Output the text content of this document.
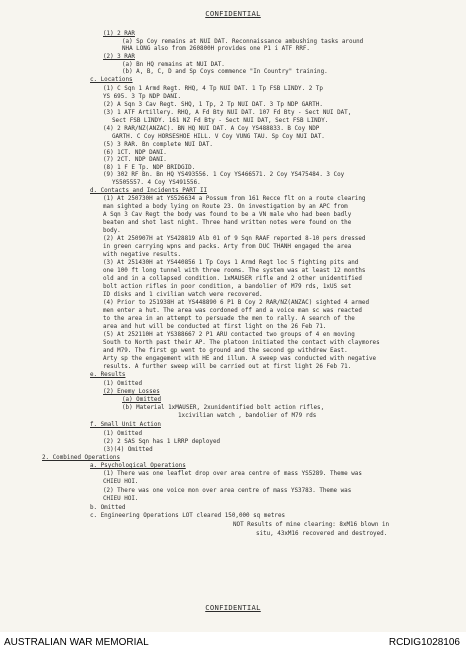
CONFIDENTIAL
(1) 2 RAR
(a) Sp Coy remains at NUI DAT. Reconnaissance ambushing tasks around
NHA LONG also from 260800H provides one P1 i ATF RRF.
(2) 3 RAR
(a) Bn HQ remains at NUI DAT.
(b) A, B, C, D and Sp Coys commence "In Country" training.
c. Locations
(1) C Sqn 1 Armd Regt. RHQ, 4 Tp NUI DAT. 1 Tp FSB LINDY. 2 Tp
YS 695. 3 Tp NDP DANI.
(2) A Sqn 3 Cav Regt. SHQ, 1 Tp, 2 Tp NUI DAT. 3 Tp NDP GARTH.
(3) 1 ATF Artillery. RHQ, A Fd Bty NUI DAT. 107 Fd Bty - Sect NUI DAT,
Sect FSB LINDY. 161 NZ Fd Bty - Sect NUI DAT, Sect FSB LINDY.
(4) 2 RAR/NZ(ANZAC). BN HQ NUI DAT. A Coy YS488833. B Coy NDP
GARTH. C Coy HORSESHOE HILL. V Coy VUNG TAU. Sp Coy NUI DAT.
(5) 3 RAR. Bn complete NUI DAT.
(6) 1CT. NDP DANI.
(7) 2CT. NDP DANI.
(8) 1 F E Tp. NDP BRIDGID.
(9) 302 RF Bn. Bn HQ YS493556. 1 Coy YS466571. 2 Coy YS475484. 3 Coy
YS505557. 4 Coy YS491556.
d. Contacts and Incidents PART II
(1) At 250730H at YS526634 a Possum from 161 Recce flt on a route clearing
man sighted a body lying on Route 23. On investigation by an APC from
A Sqn 3 Cav Regt the body was found to be a VN male who had been badly
beaten and shot last night. Three hand written notes were found on the
body.
(2) At 250907H at YS428819 Alb 01 of 9 Sqn RAAF reported 8-10 pers dressed
in green carrying wpns and packs. Arty from DUC THANH engaged the area
with negative results.
(3) At 251430H at YS440856 1 Tp Coys 1 Armd Regt loc 5 fighting pits and
one 100 ft long tunnel with three rooms. The system was at least 12 months
old and in a collapsed condition. 1xMAUSER rifle and 2 other unidentified
bolt action rifles in poor condition, a bandolier of M79 rds, 1xUS set
ID disks and 1 civilian watch were recovered.
(4) Prior to 251938H at YS448890 6 P1 B Coy 2 RAR/NZ(ANZAC) sighted 4 armed
men enter a hut. The area was cordoned off and a voice man sc was reacted
to the area in an attempt to persuade the men to rally. A search of the
area and hut will be conducted at first light on the 26 Feb 71.
(5) At 252110H at YS388667 2 P1 ARU contacted two groups of 4 en moving
South to North past their AP. The platoon initiated the contact with claymores
and M79. The first gp went to ground and the second gp withdrew East.
Arty sp the engagement with HE and illum. A sweep was conducted with negative
results. A further sweep will be carried out at first light 26 Feb 71.
e. Results
(1) Omitted
(2) Enemy Losses
(a) Omitted
(b) Material 1xMAUSER, 2xunidentified bolt action rifles,
1xcivilian watch , bandolier of M79 rds
f. Small Unit Action
(1) Omitted
(2) 2 SAS Sqn has 1 LRRP deployed
(3)(4) Omitted
2. Combined Operations
a. Psychological Operations
(1) There was one leaflet drop over area centre of mass YS5289. Theme was
CHIEU HOI.
(2) There was one voice mon over area centre of mass YS3783. Theme was
CHIEU HOI.
b. Omitted
c. Engineering Operations LOT cleared 150,000 sq metres
NOT Results of mine clearing: 8xM16 blown in
situ, 43xM16 recovered and destroyed.
CONFIDENTIAL
AUSTRALIAN WAR MEMORIAL	RCDIG1028106
